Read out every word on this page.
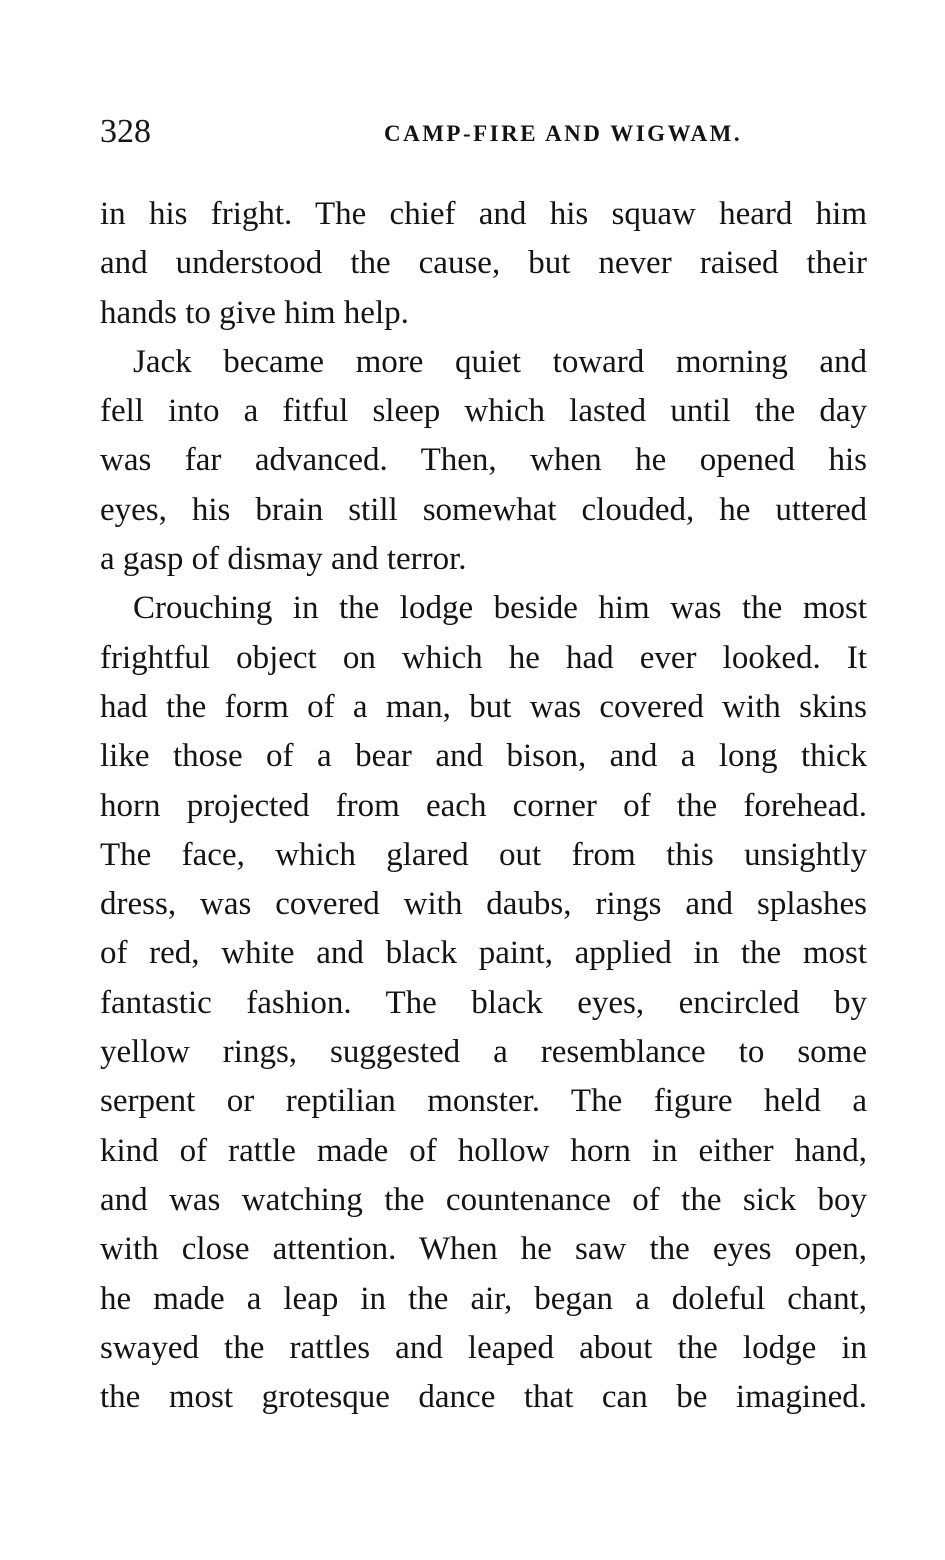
328	CAMP-FIRE AND WIGWAM.
in his fright. The chief and his squaw heard him
and understood the cause, but never raised their
hands to give him help.
Jack became more quiet toward morning and
fell into a fitful sleep which lasted until the day
was far advanced. Then, when he opened his
eyes, his brain still somewhat clouded, he uttered
a gasp of dismay and terror.
Crouching in the lodge beside him was the most
frightful object on which he had ever looked. It
had the form of a man, but was covered with skins
like those of a bear and bison, and a long thick
horn projected from each corner of the forehead.
The face, which glared out from this unsightly
dress, was covered with daubs, rings and splashes
of red, white and black paint, applied in the most
fantastic fashion. The black eyes, encircled by
yellow rings, suggested a resemblance to some
serpent or reptilian monster. The figure held a
kind of rattle made of hollow horn in either hand,
and was watching the countenance of the sick boy
with close attention. When he saw the eyes open,
he made a leap in the air, began a doleful chant,
swayed the rattles and leaped about the lodge in
the most grotesque dance that can be imagined.
